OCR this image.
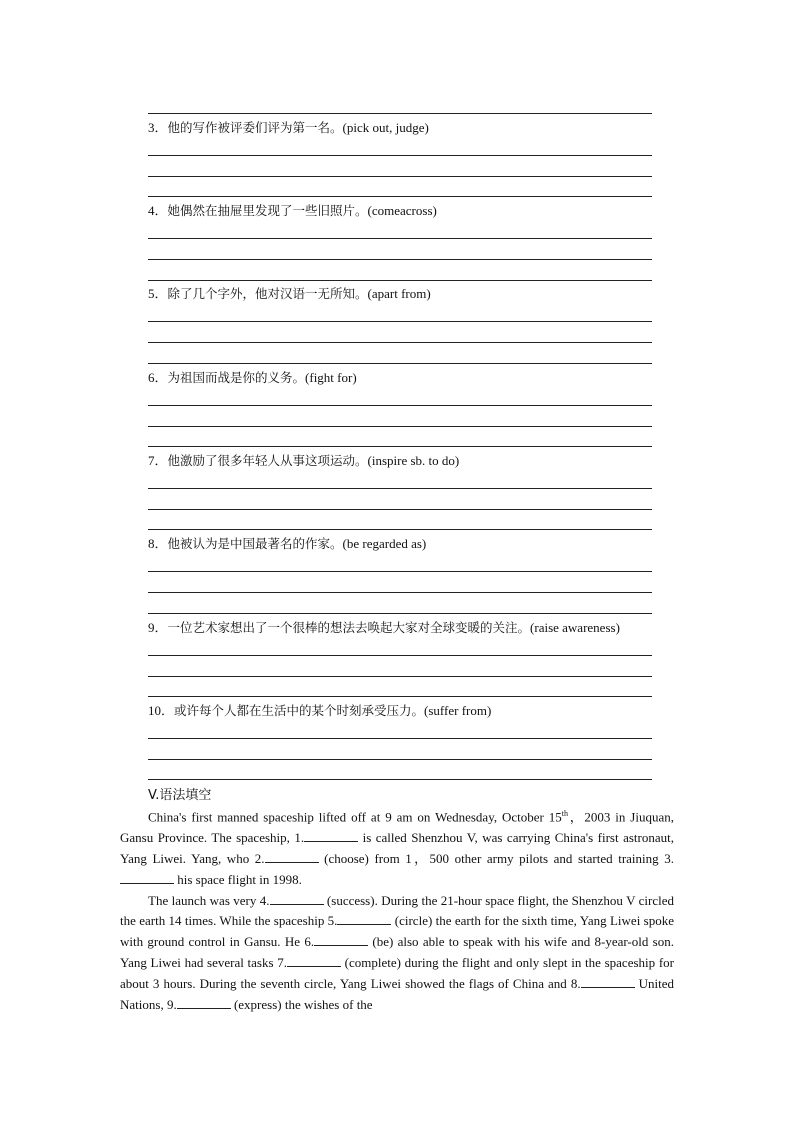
3．他的写作被评委们评为第一名。(pick out, judge)
4．她偶然在抽屉里发现了一些旧照片。(comeacross)
5．除了几个字外，他对汉语一无所知。(apart from)
6．为祖国而战是你的义务。(fight for)
7．他激励了很多年轻人从事这项运动。(inspire sb. to do)
8．他被认为是中国最著名的作家。(be regarded as)
9．一位艺术家想出了一个很棒的想法去唤起大家对全球变暖的关注。(raise awareness)
10．或许每个人都在生活中的某个时刻承受压力。(suffer from)
V.语法填空

China's first manned spaceship lifted off at 9 am on Wednesday, October 15th，2003 in Jiuquan, Gansu Province. The spaceship, 1.	is called Shenzhou V, was carrying China's first astronaut, Yang Liwei. Yang, who 2.	(choose) from 1，500 other army pilots and started training 3. his space flight in 1998.

The launch was very 4.	(success). During the 21-hour space flight, the Shenzhou V circled the earth 14 times. While the spaceship 5.	(circle) the earth for the sixth time, Yang Liwei spoke with ground control in Gansu. He 6.	(be) also able to speak with his wife and 8-year-old son. Yang Liwei had several tasks 7.	(complete) during the flight and only slept in the spaceship for about 3 hours. During the seventh circle, Yang Liwei showed the flags of China and 8.	United Nations, 9.	(express) the wishes of the
